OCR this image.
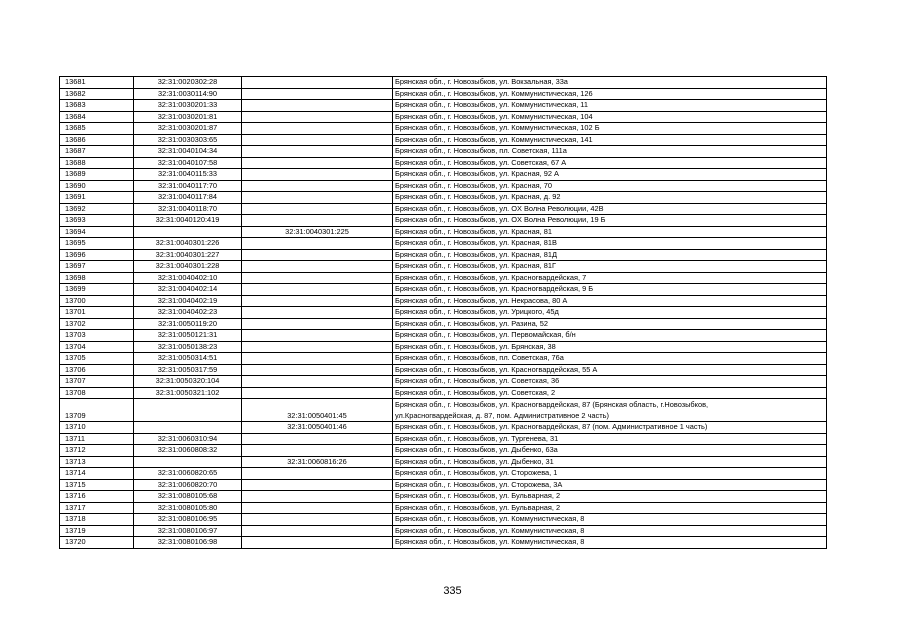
13681	32:31:0020302:28		Брянская обл., г. Новозыбков, ул. Вокзальная, 33а
13682	32:31:0030114:90		Брянская обл., г. Новозыбков, ул. Коммунистическая, 126
13683	32:31:0030201:33		Брянская обл., г. Новозыбков, ул. Коммунистическая, 11
13684	32:31:0030201:81		Брянская обл., г. Новозыбков, ул. Коммунистическая, 104
13685	32:31:0030201:87		Брянская обл., г. Новозыбков, ул. Коммунистическая, 102 Б
13686	32:31:0030303:65		Брянская обл., г. Новозыбков, ул. Коммунистическая, 141
13687	32:31:0040104:34		Брянская обл., г. Новозыбков, пл. Советская, 111а
13688	32:31:0040107:58		Брянская обл., г. Новозыбков, ул. Советская, 67 А
13689	32:31:0040115:33		Брянская обл., г. Новозыбков, ул. Красная, 92 А
13690	32:31:0040117:70		Брянская обл., г. Новозыбков, ул. Красная, 70
13691	32:31:0040117:84		Брянская обл., г. Новозыбков, ул. Красная, д. 92
13692	32:31:0040118:70		Брянская обл., г. Новозыбков, ул. OX Волна Революции, 42В
13693	32:31:0040120:419		Брянская обл., г. Новозыбков, ул. OX Волна Революции, 19 Б
13694		32:31:0040301:225	Брянская обл., г. Новозыбков, ул. Красная, 81
13695	32:31:0040301:226		Брянская обл., г. Новозыбков, ул. Красная, 81В
13696	32:31:0040301:227		Брянская обл., г. Новозыбков, ул. Красная, 81Д
13697	32:31:0040301:228		Брянская обл., г. Новозыбков, ул. Красная, 81Г
13698	32:31:0040402:10		Брянская обл., г. Новозыбков, ул. Красногвардейская, 7
13699	32:31:0040402:14		Брянская обл., г. Новозыбков, ул. Красногвардейская, 9 Б
13700	32:31:0040402:19		Брянская обл., г. Новозыбков, ул. Некрасова, 80 А
13701	32:31:0040402:23		Брянская обл., г. Новозыбков, ул. Урицкого, 45д
13702	32:31:0050119:20		Брянская обл., г. Новозыбков, ул. Разина, 52
13703	32:31:0050121:31		Брянская обл., г. Новозыбков, ул. Первомайская, б/н
13704	32:31:0050138:23		Брянская обл., г. Новозыбков, ул. Брянская, 38
13705	32:31:0050314:51		Брянская обл., г. Новозыбков, пл. Советская, 76а
13706	32:31:0050317:59		Брянская обл., г. Новозыбков, ул. Красногвардейская, 55 А
13707	32:31:0050320:104		Брянская обл., г. Новозыбков, ул. Советская, 36
13708	32:31:0050321:102		Брянская обл., г. Новозыбков, ул. Советская, 2
13709		32:31:0050401:45	Брянская обл., г. Новозыбков, ул. Красногвардейская, 87 (Брянская область, г.Новозыбков,
ул.Красногвардейская, д. 87, пом. Административное 2 часть)

13710		32:31:0050401:46	Брянская обл., г. Новозыбков, ул. Красногвардейская, 87 (пом. Административное 1 часть)
13711	32:31:0060310:94		Брянская обл., г. Новозыбков, ул. Тургенева, 31
13712	32:31:0060808:32		Брянская обл., г. Новозыбков, ул. Дыбенко, 63а
13713		32:31:0060816:26	Брянская обл., г. Новозыбков, ул. Дыбенко, 31
13714	32:31:0060820:65		Брянская обл., г. Новозыбков, ул. Сторожева, 1
13715	32:31:0060820:70		Брянская обл., г. Новозыбков, ул. Сторожева, 3А
13716	32:31:0080105:68		Брянская обл., г. Новозыбков, ул. Бульварная, 2
13717	32:31:0080105:80		Брянская обл., г. Новозыбков, ул. Бульварная, 2
13718	32:31:0080106:95		Брянская обл., г. Новозыбков, ул. Коммунистическая, 8
13719	32:31:0080106:97		Брянская обл., г. Новозыбков, ул. Коммунистическая, 8
13720	32:31:0080106:98		Брянская обл., г. Новозыбков, ул. Коммунистическая, 8
335
